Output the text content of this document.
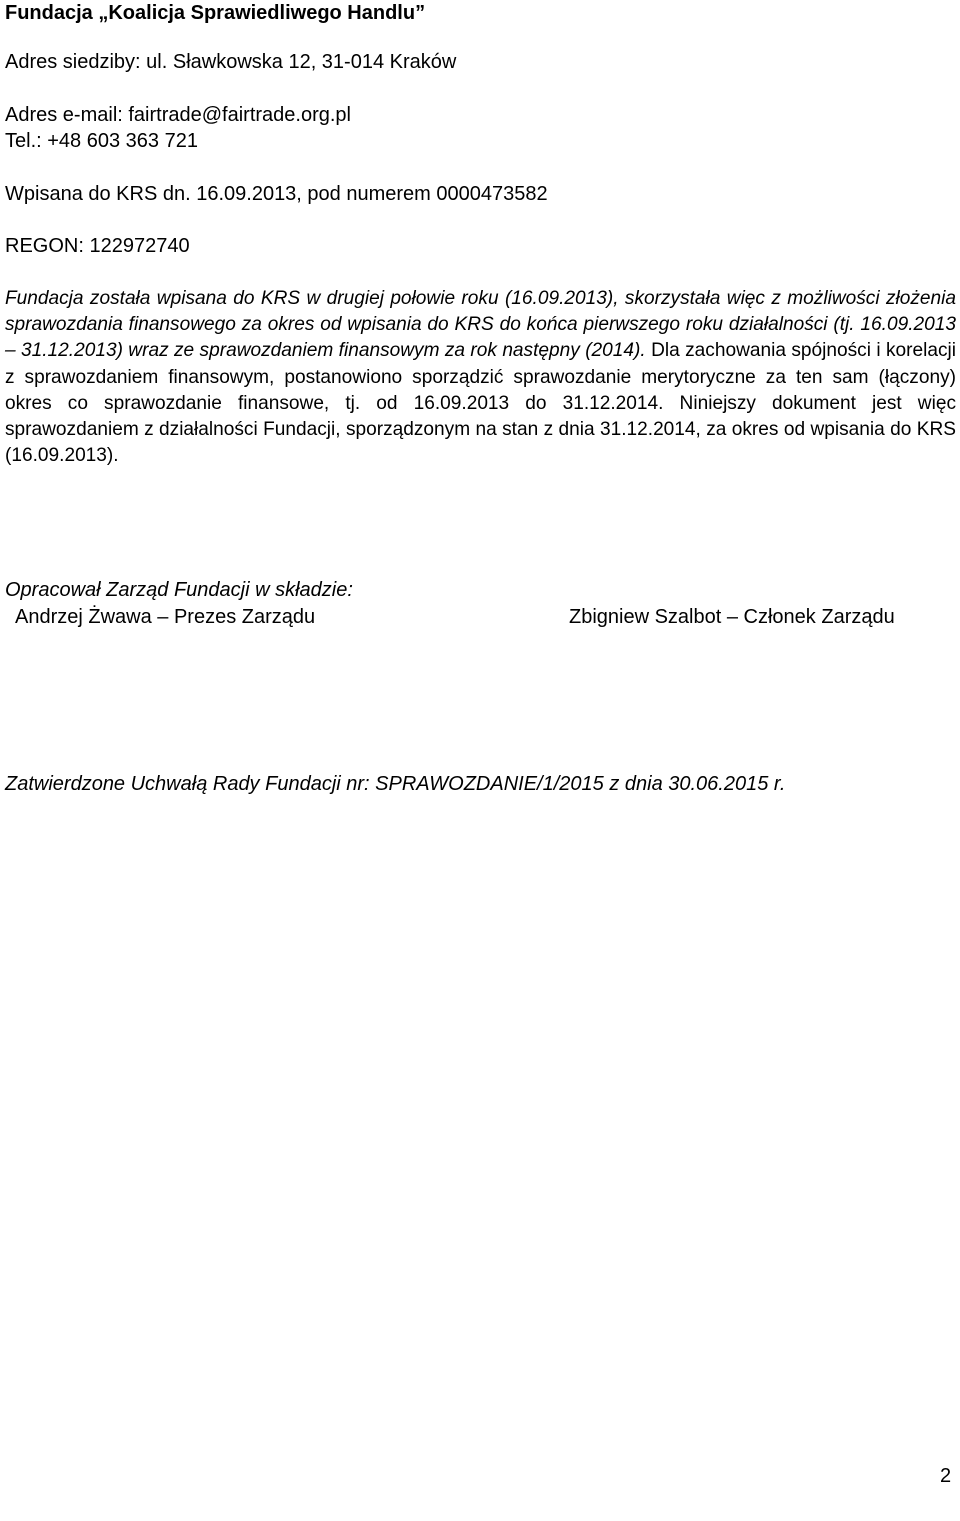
Fundacja „Koalicja Sprawiedliwego Handlu”

Adres siedziby: ul. Sławkowska 12, 31-014 Kraków

Adres e-mail: fairtrade@fairtrade.org.pl

Tel.: +48 603 363 721

Wpisana do KRS dn. 16.09.2013, pod numerem 0000473582

REGON: 122972740

Fundacja została wpisana do KRS w drugiej połowie roku (16.09.2013), skorzystała więc z możliwości złożenia sprawozdania finansowego za okres od wpisania do KRS do końca pierwszego roku działalności (tj. 16.09.2013 – 31.12.2013) wraz ze sprawozdaniem finansowym za rok następny (2014). Dla zachowania spójności i korelacji z sprawozdaniem finansowym, postanowiono sporządzić sprawozdanie merytoryczne za ten sam (łączony) okres co sprawozdanie finansowe, tj. od 16.09.2013 do 31.12.2014. Niniejszy dokument jest więc sprawozdaniem z działalności Fundacji, sporządzonym na stan z dnia 31.12.2014, za okres od wpisania do KRS (16.09.2013).

Opracował Zarząd Fundacji w składzie:

Andrzej Żwawa – Prezes Zarządu	Zbigniew Szalbot – Członek Zarządu

Zatwierdzone Uchwałą Rady Fundacji nr: SPRAWOZDANIE/1/2015 z dnia 30.06.2015 r.

2
